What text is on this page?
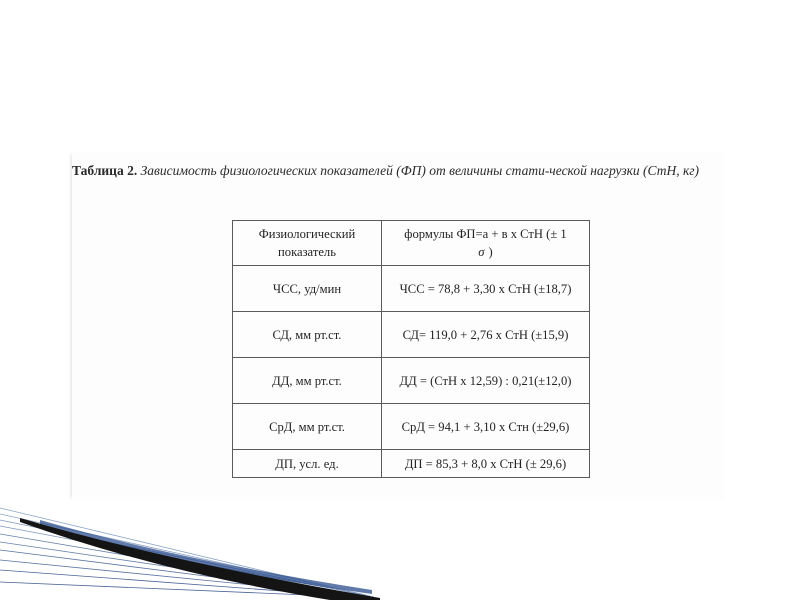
Таблица 2. Зависимость физиологических показателей (ФП) от величины стати-ческой нагрузки (СтН, кг)
Физиологический показатель	формулы ФП=а + в х СтН (± 1
σ )
ЧСС, уд/мин	ЧСС = 78,8 + 3,30 х СтН (±18,7)
СД, мм рт.ст.	СД= 119,0 + 2,76 х СтН (±15,9)
ДД, мм рт.ст.	ДД = (СтН х 12,59) : 0,21(±12,0)
СрД, мм рт.ст.	СрД = 94,1 + 3,10 х Стн (±29,6)
ДП, усл. ед.	ДП = 85,3 + 8,0 х СтН (± 29,6)
